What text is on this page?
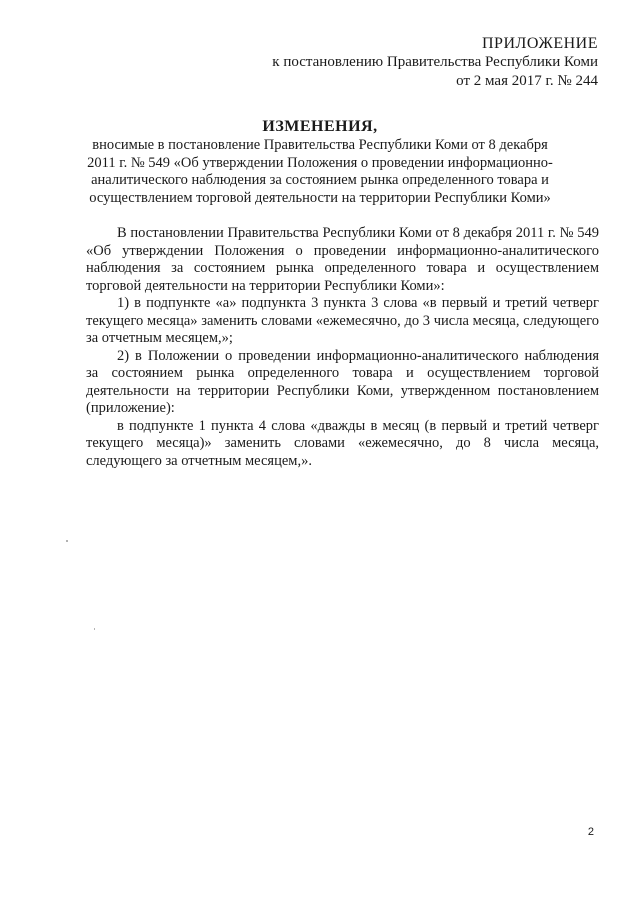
ПРИЛОЖЕНИЕ
к постановлению Правительства Республики Коми
от 2 мая 2017 г. № 244
ИЗМЕНЕНИЯ,
вносимые в постановление Правительства Республики Коми от 8 декабря
2011 г. № 549 «Об утверждении Положения о проведении информационно-
аналитического наблюдения за состоянием рынка определенного товара и
осуществлением торговой деятельности на территории Республики Коми»

В постановлении Правительства Республики Коми от 8 декабря 2011 г. № 549 «Об утверждении Положения о проведении информационно-аналитического наблюдения за состоянием рынка определенного товара и осуществлением торговой деятельности на территории Республики Коми»:

1) в подпункте «а» подпункта 3 пункта 3 слова «в первый и третий четверг текущего месяца» заменить словами «ежемесячно, до 3 числа месяца, следующего за отчетным месяцем,»;

2) в Положении о проведении информационно-аналитического наблюдения за состоянием рынка определенного товара и осуществлением торговой деятельности на территории Республики Коми, утвержденном постановлением (приложение):

в подпункте 1 пункта 4 слова «дважды в месяц (в первый и третий четверг текущего месяца)» заменить словами «ежемесячно, до 8 числа месяца, следующего за отчетным месяцем,».

2
